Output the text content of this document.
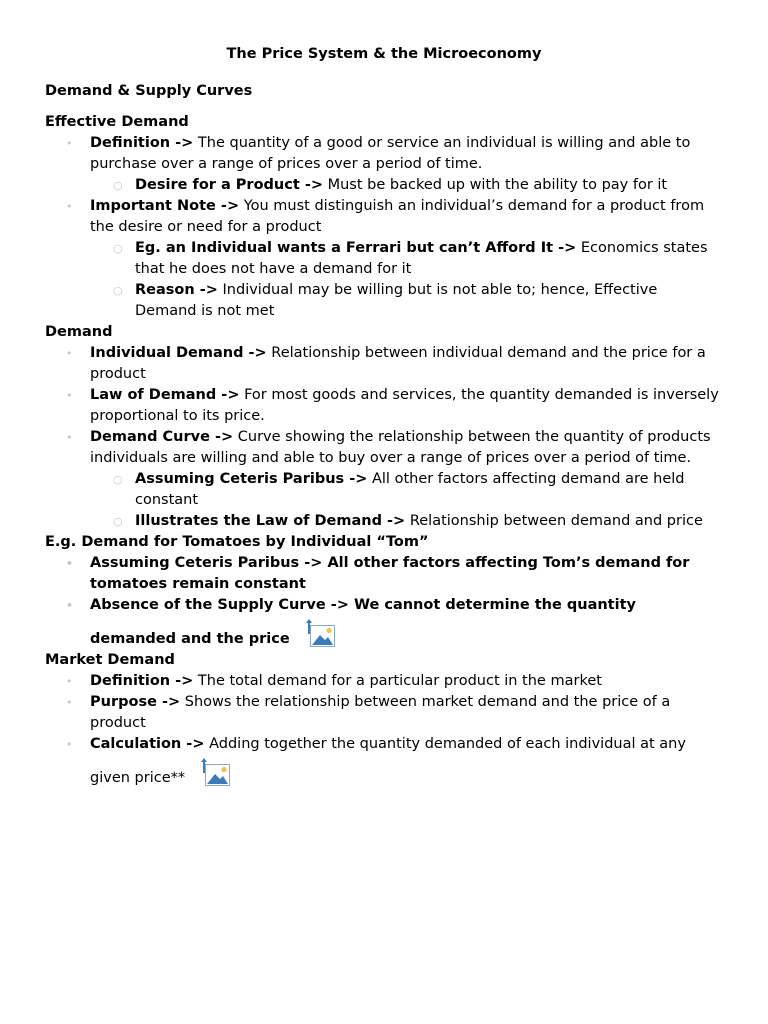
The Price System & the Microeconomy
Demand & Supply Curves
Effective Demand
• Definition -> The quantity of a good or service an individual is willing and able to purchase over a range of prices over a period of time.
○ Desire for a Product -> Must be backed up with the ability to pay for it
• Important Note -> You must distinguish an individual’s demand for a product from the desire or need for a product
○ Eg. an Individual wants a Ferrari but can’t Afford It -> Economics states that he does not have a demand for it
○ Reason -> Individual may be willing but is not able to; hence, Effective Demand is not met
Demand
• Individual Demand -> Relationship between individual demand and the price for a product
• Law of Demand -> For most goods and services, the quantity demanded is inversely proportional to its price.
• Demand Curve -> Curve showing the relationship between the quantity of products individuals are willing and able to buy over a range of prices over a period of time.
○ Assuming Ceteris Paribus -> All other factors affecting demand are held constant
○ Illustrates the Law of Demand -> Relationship between demand and price
E.g. Demand for Tomatoes by Individual “Tom”
• Assuming Ceteris Paribus -> All other factors affecting Tom’s demand for tomatoes remain constant
• Absence of the Supply Curve -> We cannot determine the quantity
demanded and the price
Market Demand
• Definition -> The total demand for a particular product in the market
• Purpose -> Shows the relationship between market demand and the price of a product
• Calculation -> Adding together the quantity demanded of each individual at any
given price**
